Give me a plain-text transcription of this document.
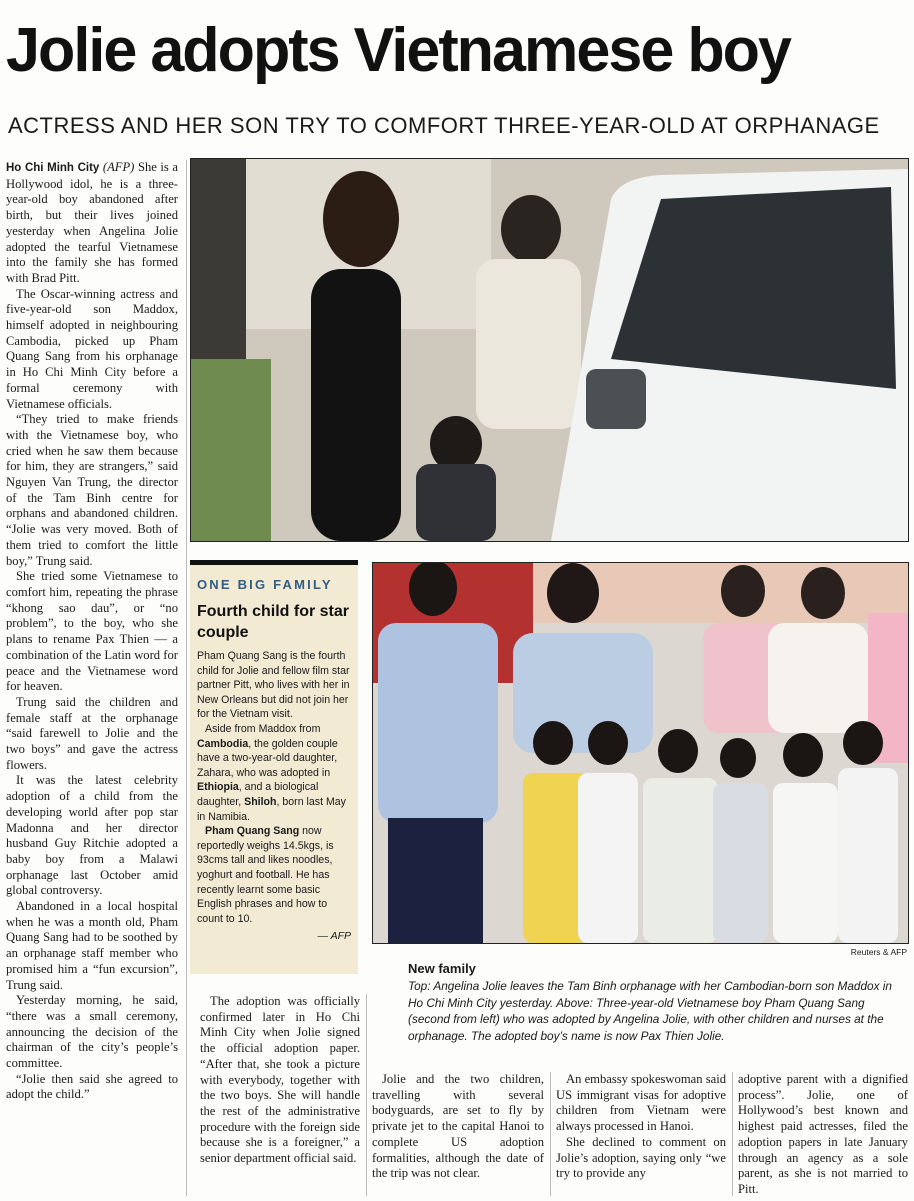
Jolie adopts Vietnamese boy
ACTRESS AND HER SON TRY TO COMFORT THREE-YEAR-OLD AT ORPHANAGE

Ho Chi Minh City (AFP) She is a Hollywood idol, he is a three-year-old boy abandoned after birth, but their lives joined yesterday when Angelina Jolie adopted the tearful Vietnamese into the family she has formed with Brad Pitt.

The Oscar-winning actress and five-year-old son Maddox, himself adopted in neighbouring Cambodia, picked up Pham Quang Sang from his orphanage in Ho Chi Minh City before a formal ceremony with Vietnamese officials.

“They tried to make friends with the Vietnamese boy, who cried when he saw them because for him, they are strangers,” said Nguyen Van Trung, the director of the Tam Binh centre for orphans and abandoned children. “Jolie was very moved. Both of them tried to comfort the little boy,” Trung said.

She tried some Vietnamese to comfort him, repeating the phrase “khong sao dau”, or “no problem”, to the boy, who she plans to rename Pax Thien — a combination of the Latin word for peace and the Vietnamese word for heaven.

Trung said the children and female staff at the orphanage “said farewell to Jolie and the two boys” and gave the actress flowers.

It was the latest celebrity adoption of a child from the developing world after pop star Madonna and her director husband Guy Ritchie adopted a baby boy from a Malawi orphanage last October amid global controversy.

Abandoned in a local hospital when he was a month old, Pham Quang Sang had to be soothed by an orphanage staff member who promised him a “fun excursion”, Trung said.

Yesterday morning, he said, “there was a small ceremony, announcing the decision of the chairman of the city’s people’s committee.

“Jolie then said she agreed to adopt the child.”

ONE BIG FAMILY

Fourth child for star couple

Pham Quang Sang is the fourth child for Jolie and fellow film star partner Pitt, who lives with her in New Orleans but did not join her for the Vietnam visit.

Aside from Maddox from Cambodia, the golden couple have a two-year-old daughter, Zahara, who was adopted in Ethiopia, and a biological daughter, Shiloh, born last May in Namibia.

Pham Quang Sang now reportedly weighs 14.5kgs, is 93cms tall and likes noodles, yoghurt and football. He has recently learnt some basic English phrases and how to count to 10.

— AFP

Reuters & AFP

New family

Top: Angelina Jolie leaves the Tam Binh orphanage with her Cambodian-born son Maddox in Ho Chi Minh City yesterday. Above: Three-year-old Vietnamese boy Pham Quang Sang (second from left) who was adopted by Angelina Jolie, with other children and nurses at the orphanage. The adopted boy’s name is now Pax Thien Jolie.

The adoption was officially confirmed later in Ho Chi Minh City when Jolie signed the official adoption paper. “After that, she took a picture with everybody, together with the two boys. She will handle the rest of the administrative procedure with the foreign side because she is a foreigner,” a senior department official said.

Jolie and the two children, travelling with several bodyguards, are set to fly by private jet to the capital Hanoi to complete US adoption formalities, although the date of the trip was not clear.

An embassy spokeswoman said US immigrant visas for adoptive children from Vietnam were always processed in Hanoi.

She declined to comment on Jolie’s adoption, saying only “we try to provide any

adoptive parent with a dignified process”. Jolie, one of Hollywood’s best known and highest paid actresses, filed the adoption papers in late January through an agency as a sole parent, as she is not married to Pitt.
